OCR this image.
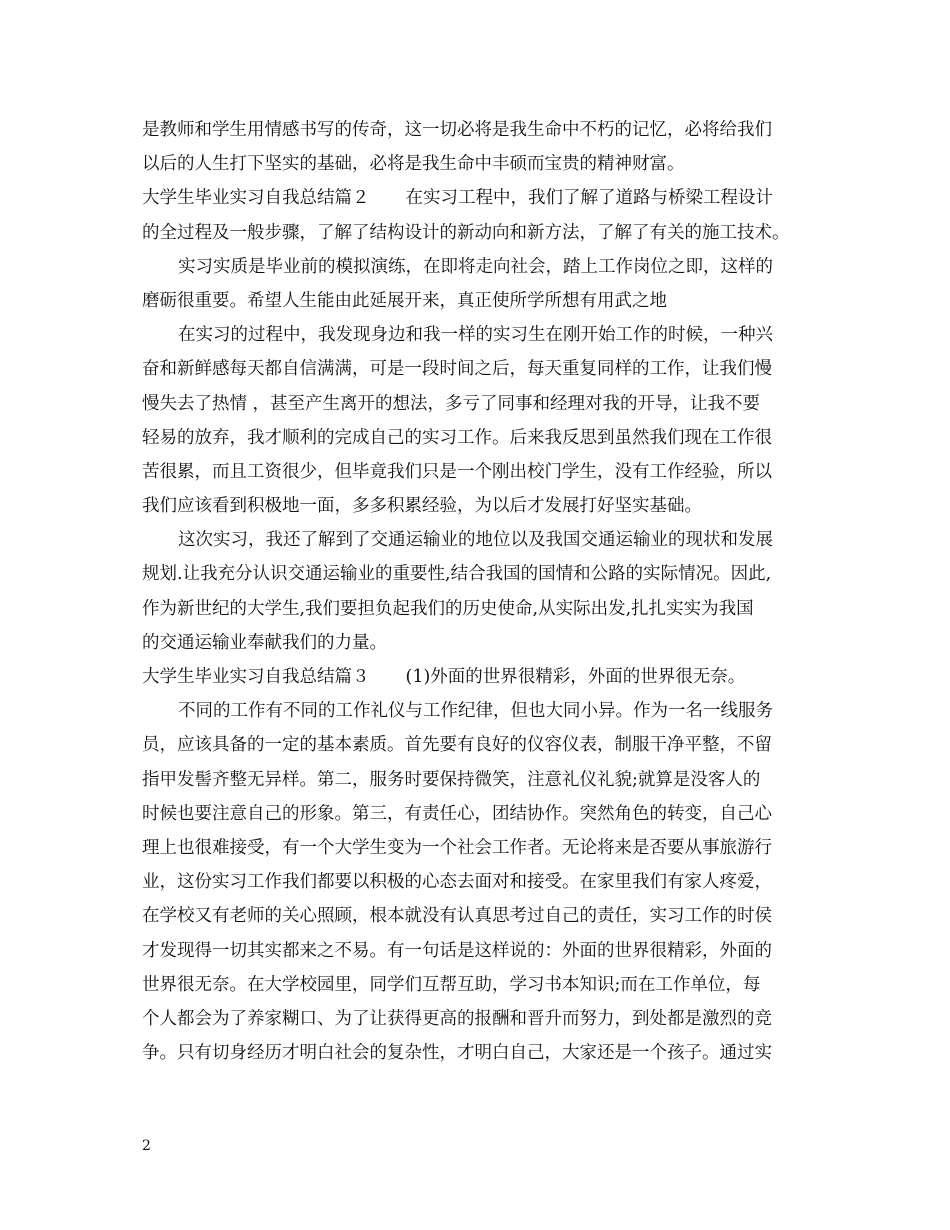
是教师和学生用情感书写的传奇，这一切必将是我生命中不朽的记忆，必将给我们
以后的人生打下坚实的基础，必将是我生命中丰硕而宝贵的精神财富。
大学生毕业实习自我总结篇２ 在实习工程中，我们了解了道路与桥梁工程设计
的全过程及一般步骤，了解了结构设计的新动向和新方法，了解了有关的施工技术。
实习实质是毕业前的模拟演练，在即将走向社会，踏上工作岗位之即，这样的
磨砺很重要。希望人生能由此延展开来，真正使所学所想有用武之地
在实习的过程中，我发现身边和我一样的实习生在刚开始工作的时候，一种兴
奋和新鲜感每天都自信满满，可是一段时间之后，每天重复同样的工作，让我们慢
慢失去了热情 ，甚至产生离开的想法，多亏了同事和经理对我的开导，让我不要
轻易的放弃，我才顺利的完成自己的实习工作。后来我反思到虽然我们现在工作很
苦很累，而且工资很少，但毕竟我们只是一个刚出校门学生，没有工作经验，所以
我们应该看到积极地一面，多多积累经验，为以后才发展打好坚实基础。
这次实习，我还了解到了交通运输业的地位以及我国交通运输业的现状和发展
规划.让我充分认识交通运输业的重要性,结合我国的国情和公路的实际情况。因此,
作为新世纪的大学生,我们要担负起我们的历史使命,从实际出发,扎扎实实为我国
的交通运输业奉献我们的力量。
大学生毕业实习自我总结篇３ (1)外面的世界很精彩，外面的世界很无奈。
不同的工作有不同的工作礼仪与工作纪律，但也大同小异。作为一名一线服务
员，应该具备的一定的基本素质。首先要有良好的仪容仪表，制服干净平整，不留
指甲发髻齐整无异样。第二，服务时要保持微笑，注意礼仪礼貌;就算是没客人的
时候也要注意自己的形象。第三，有责任心，团结协作。突然角色的转变，自己心
理上也很难接受，有一个大学生变为一个社会工作者。无论将来是否要从事旅游行
业，这份实习工作我们都要以积极的心态去面对和接受。在家里我们有家人疼爱，
在学校又有老师的关心照顾，根本就没有认真思考过自己的责任，实习工作的时侯
才发现得一切其实都来之不易。有一句话是这样说的：外面的世界很精彩，外面的
世界很无奈。在大学校园里，同学们互帮互助，学习书本知识;而在工作单位，每
个人都会为了养家糊口、为了让获得更高的报酬和晋升而努力，到处都是激烈的竞
争。只有切身经历才明白社会的复杂性，才明白自己，大家还是一个孩子。通过实
2
